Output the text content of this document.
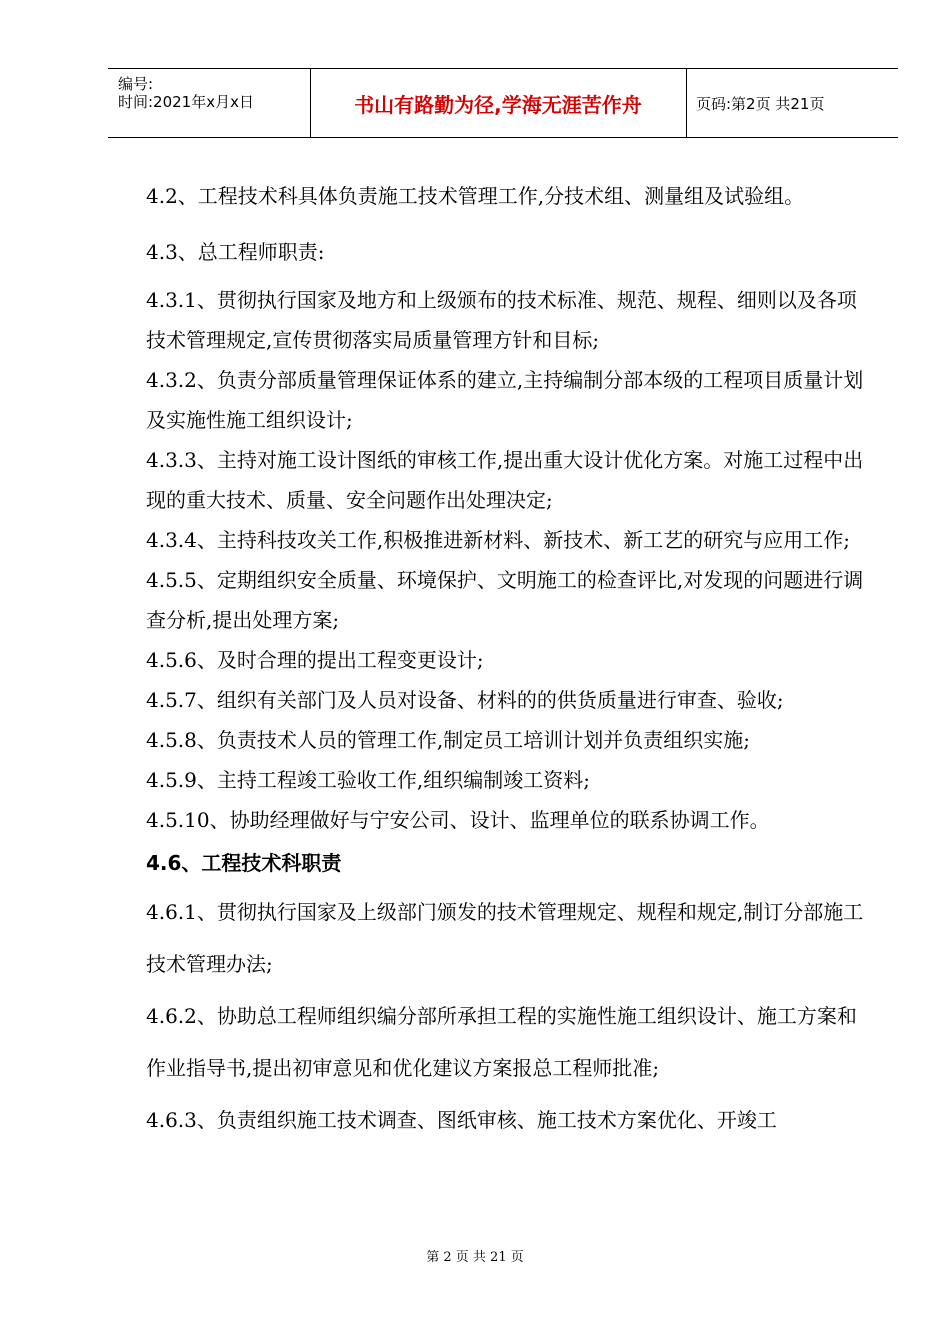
编号:
时间:2021年x月x日	书山有路勤为径,学海无涯苦作舟	页码:第2页 共21页

4.2、工程技术科具体负责施工技术管理工作,分技术组、测量组及试验组。

4.3、总工程师职责:

4.3.1、贯彻执行国家及地方和上级颁布的技术标准、规范、规程、细则以及各项技术管理规定,宣传贯彻落实局质量管理方针和目标;

4.3.2、负责分部质量管理保证体系的建立,主持编制分部本级的工程项目质量计划及实施性施工组织设计;

4.3.3、主持对施工设计图纸的审核工作,提出重大设计优化方案。对施工过程中出现的重大技术、质量、安全问题作出处理决定;

4.3.4、主持科技攻关工作,积极推进新材料、新技术、新工艺的研究与应用工作;

4.5.5、定期组织安全质量、环境保护、文明施工的检查评比,对发现的问题进行调查分析,提出处理方案;

4.5.6、及时合理的提出工程变更设计;

4.5.7、组织有关部门及人员对设备、材料的的供货质量进行审查、验收;

4.5.8、负责技术人员的管理工作,制定员工培训计划并负责组织实施;

4.5.9、主持工程竣工验收工作,组织编制竣工资料;

4.5.10、协助经理做好与宁安公司、设计、监理单位的联系协调工作。

4.6、工程技术科职责

4.6.1、贯彻执行国家及上级部门颁发的技术管理规定、规程和规定,制订分部施工技术管理办法;

4.6.2、协助总工程师组织编分部所承担工程的实施性施工组织设计、施工方案和作业指导书,提出初审意见和优化建议方案报总工程师批准;

4.6.3、负责组织施工技术调查、图纸审核、施工技术方案优化、开竣工

第 2 页 共 21 页
